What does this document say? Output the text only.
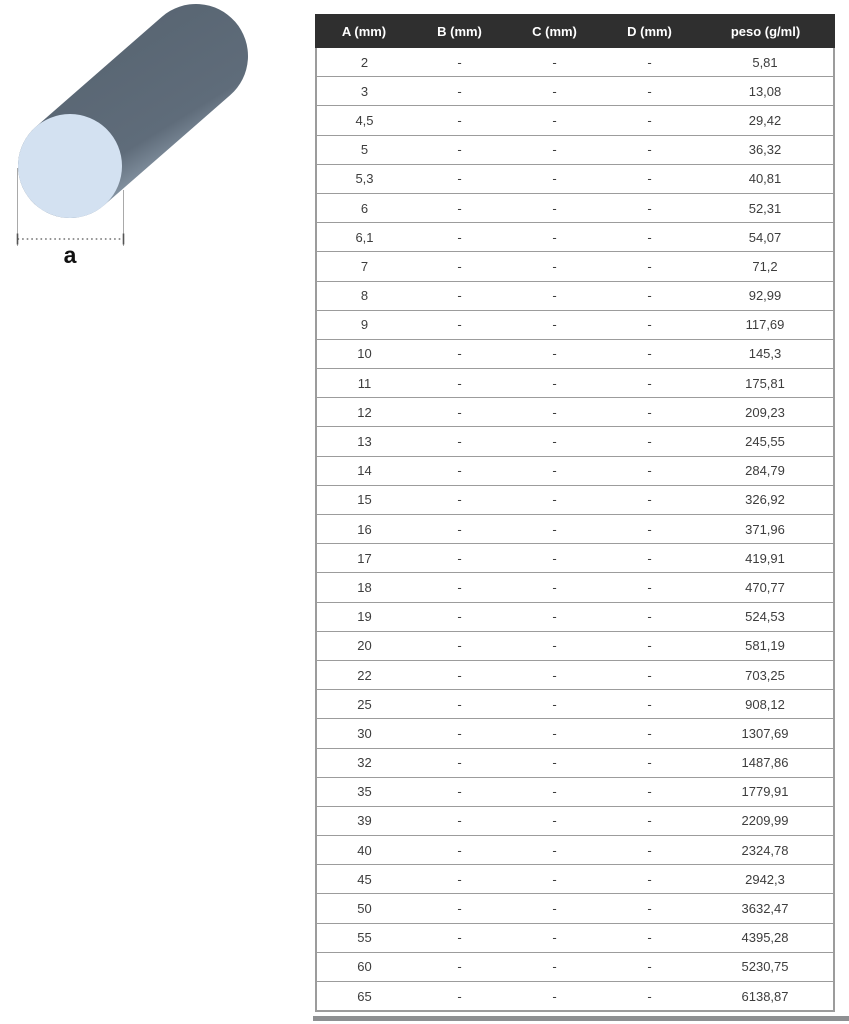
a
A (mm)	B (mm)	C (mm)	D (mm)	peso (g/ml)
2	-	-	-	5,81
3	-	-	-	13,08
4,5	-	-	-	29,42
5	-	-	-	36,32
5,3	-	-	-	40,81
6	-	-	-	52,31
6,1	-	-	-	54,07
7	-	-	-	71,2
8	-	-	-	92,99
9	-	-	-	117,69
10	-	-	-	145,3
11	-	-	-	175,81
12	-	-	-	209,23
13	-	-	-	245,55
14	-	-	-	284,79
15	-	-	-	326,92
16	-	-	-	371,96
17	-	-	-	419,91
18	-	-	-	470,77
19	-	-	-	524,53
20	-	-	-	581,19
22	-	-	-	703,25
25	-	-	-	908,12
30	-	-	-	1307,69
32	-	-	-	1487,86
35	-	-	-	1779,91
39	-	-	-	2209,99
40	-	-	-	2324,78
45	-	-	-	2942,3
50	-	-	-	3632,47
55	-	-	-	4395,28
60	-	-	-	5230,75
65	-	-	-	6138,87
